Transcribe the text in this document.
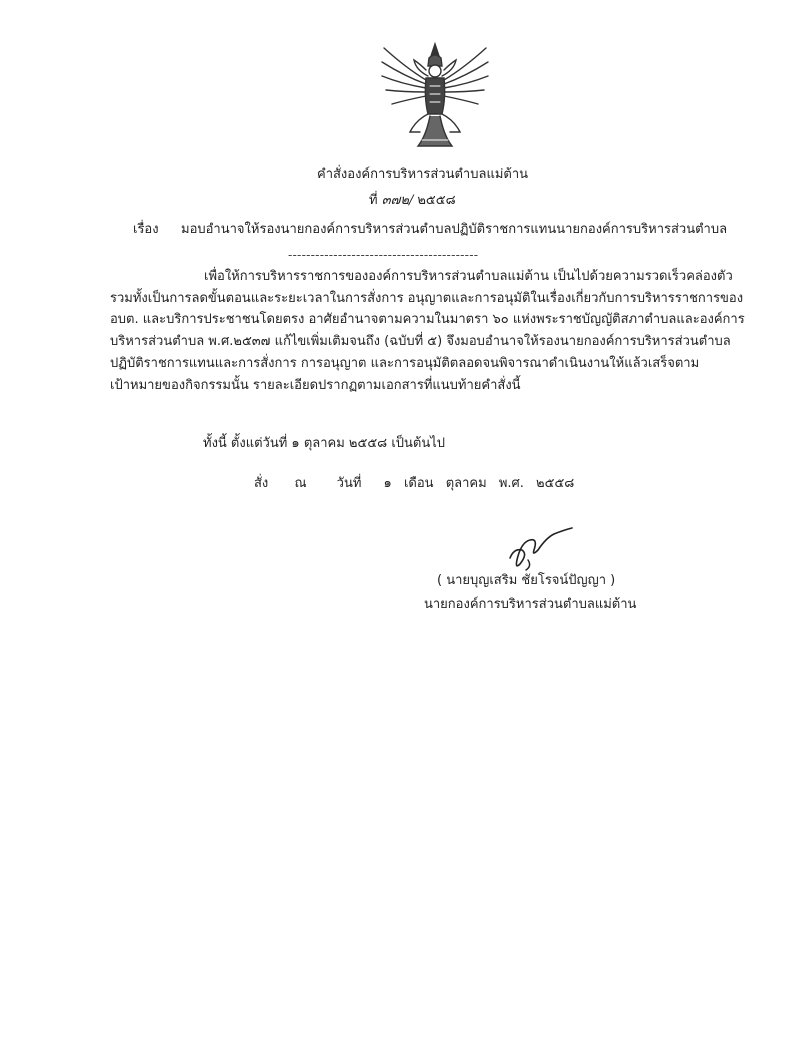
คำสั่งองค์การบริหารส่วนตำบลแม่ต้าน
ที่ ๓๗๒/ ๒๕๕๘
เรื่อง มอบอำนาจให้รองนายกองค์การบริหารส่วนตำบลปฏิบัติราชการแทนนายกองค์การบริหารส่วนตำบล
------------------------------------------
เพื่อให้การบริหารราชการขององค์การบริหารส่วนตำบลแม่ต้าน เป็นไปด้วยความรวดเร็วคล่องตัว
รวมทั้งเป็นการลดขั้นตอนและระยะเวลาในการสั่งการ อนุญาตและการอนุมัติในเรื่องเกี่ยวกับการบริหารราชการของ
อบต. และบริการประชาชนโดยตรง อาศัยอำนาจตามความในมาตรา ๖๐ แห่งพระราชบัญญัติสภาตำบลและองค์การ
บริหารส่วนตำบล พ.ศ.๒๕๓๗ แก้ไขเพิ่มเติมจนถึง (ฉบับที่ ๕) จึงมอบอำนาจให้รองนายกองค์การบริหารส่วนตำบล
ปฏิบัติราชการแทนและการสั่งการ การอนุญาต และการอนุมัติตลอดจนพิจารณาดำเนินงานให้แล้วเสร็จตาม
เป้าหมายของกิจกรรมนั้น รายละเอียดปรากฏตามเอกสารที่แนบท้ายคำสั่งนี้
ทั้งนี้ ตั้งแต่วันที่ ๑ ตุลาคม ๒๕๕๘ เป็นต้นไป
สั่ง ณ วันที่ ๑ เดือน ตุลาคม พ.ศ. ๒๕๕๘
( นายบุญเสริม ชัยโรจน์ปัญญา )
นายกองค์การบริหารส่วนตำบลแม่ต้าน
